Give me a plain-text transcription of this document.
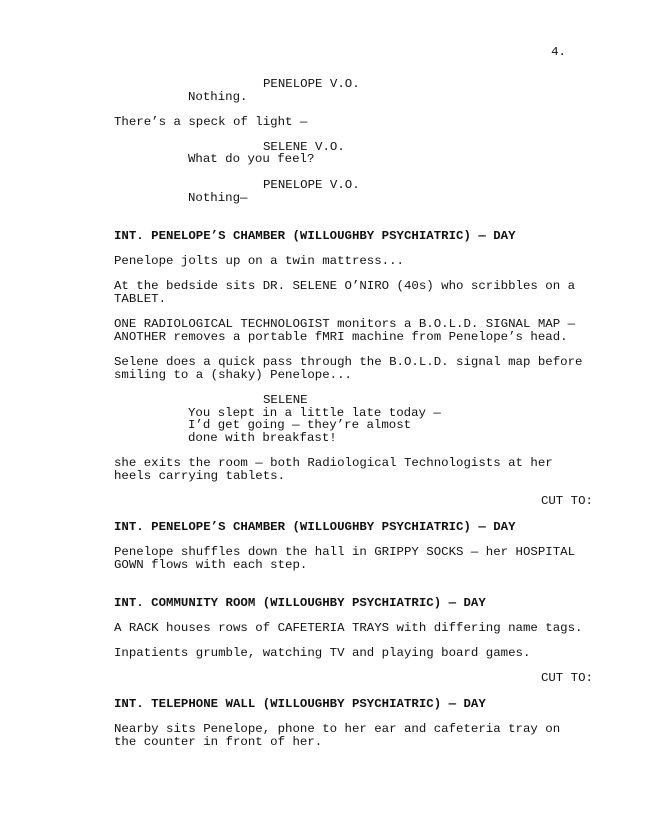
4.
PENELOPE V.O.
Nothing.
There’s a speck of light —
SELENE V.O.
What do you feel?
PENELOPE V.O.
Nothing—
INT. PENELOPE’S CHAMBER (WILLOUGHBY PSYCHIATRIC) — DAY
Penelope jolts up on a twin mattress...
At the bedside sits DR. SELENE O’NIRO (40s) who scribbles on a
TABLET.
ONE RADIOLOGICAL TECHNOLOGIST monitors a B.O.L.D. SIGNAL MAP —
ANOTHER removes a portable fMRI machine from Penelope’s head.
Selene does a quick pass through the B.O.L.D. signal map before
smiling to a (shaky) Penelope...
SELENE
You slept in a little late today —
I’d get going — they’re almost
done with breakfast!
she exits the room — both Radiological Technologists at her
heels carrying tablets.
CUT TO:
INT. PENELOPE’S CHAMBER (WILLOUGHBY PSYCHIATRIC) — DAY
Penelope shuffles down the hall in GRIPPY SOCKS — her HOSPITAL
GOWN flows with each step.
INT. COMMUNITY ROOM (WILLOUGHBY PSYCHIATRIC) — DAY
A RACK houses rows of CAFETERIA TRAYS with differing name tags.
Inpatients grumble, watching TV and playing board games.
CUT TO:
INT. TELEPHONE WALL (WILLOUGHBY PSYCHIATRIC) — DAY
Nearby sits Penelope, phone to her ear and cafeteria tray on
the counter in front of her.
